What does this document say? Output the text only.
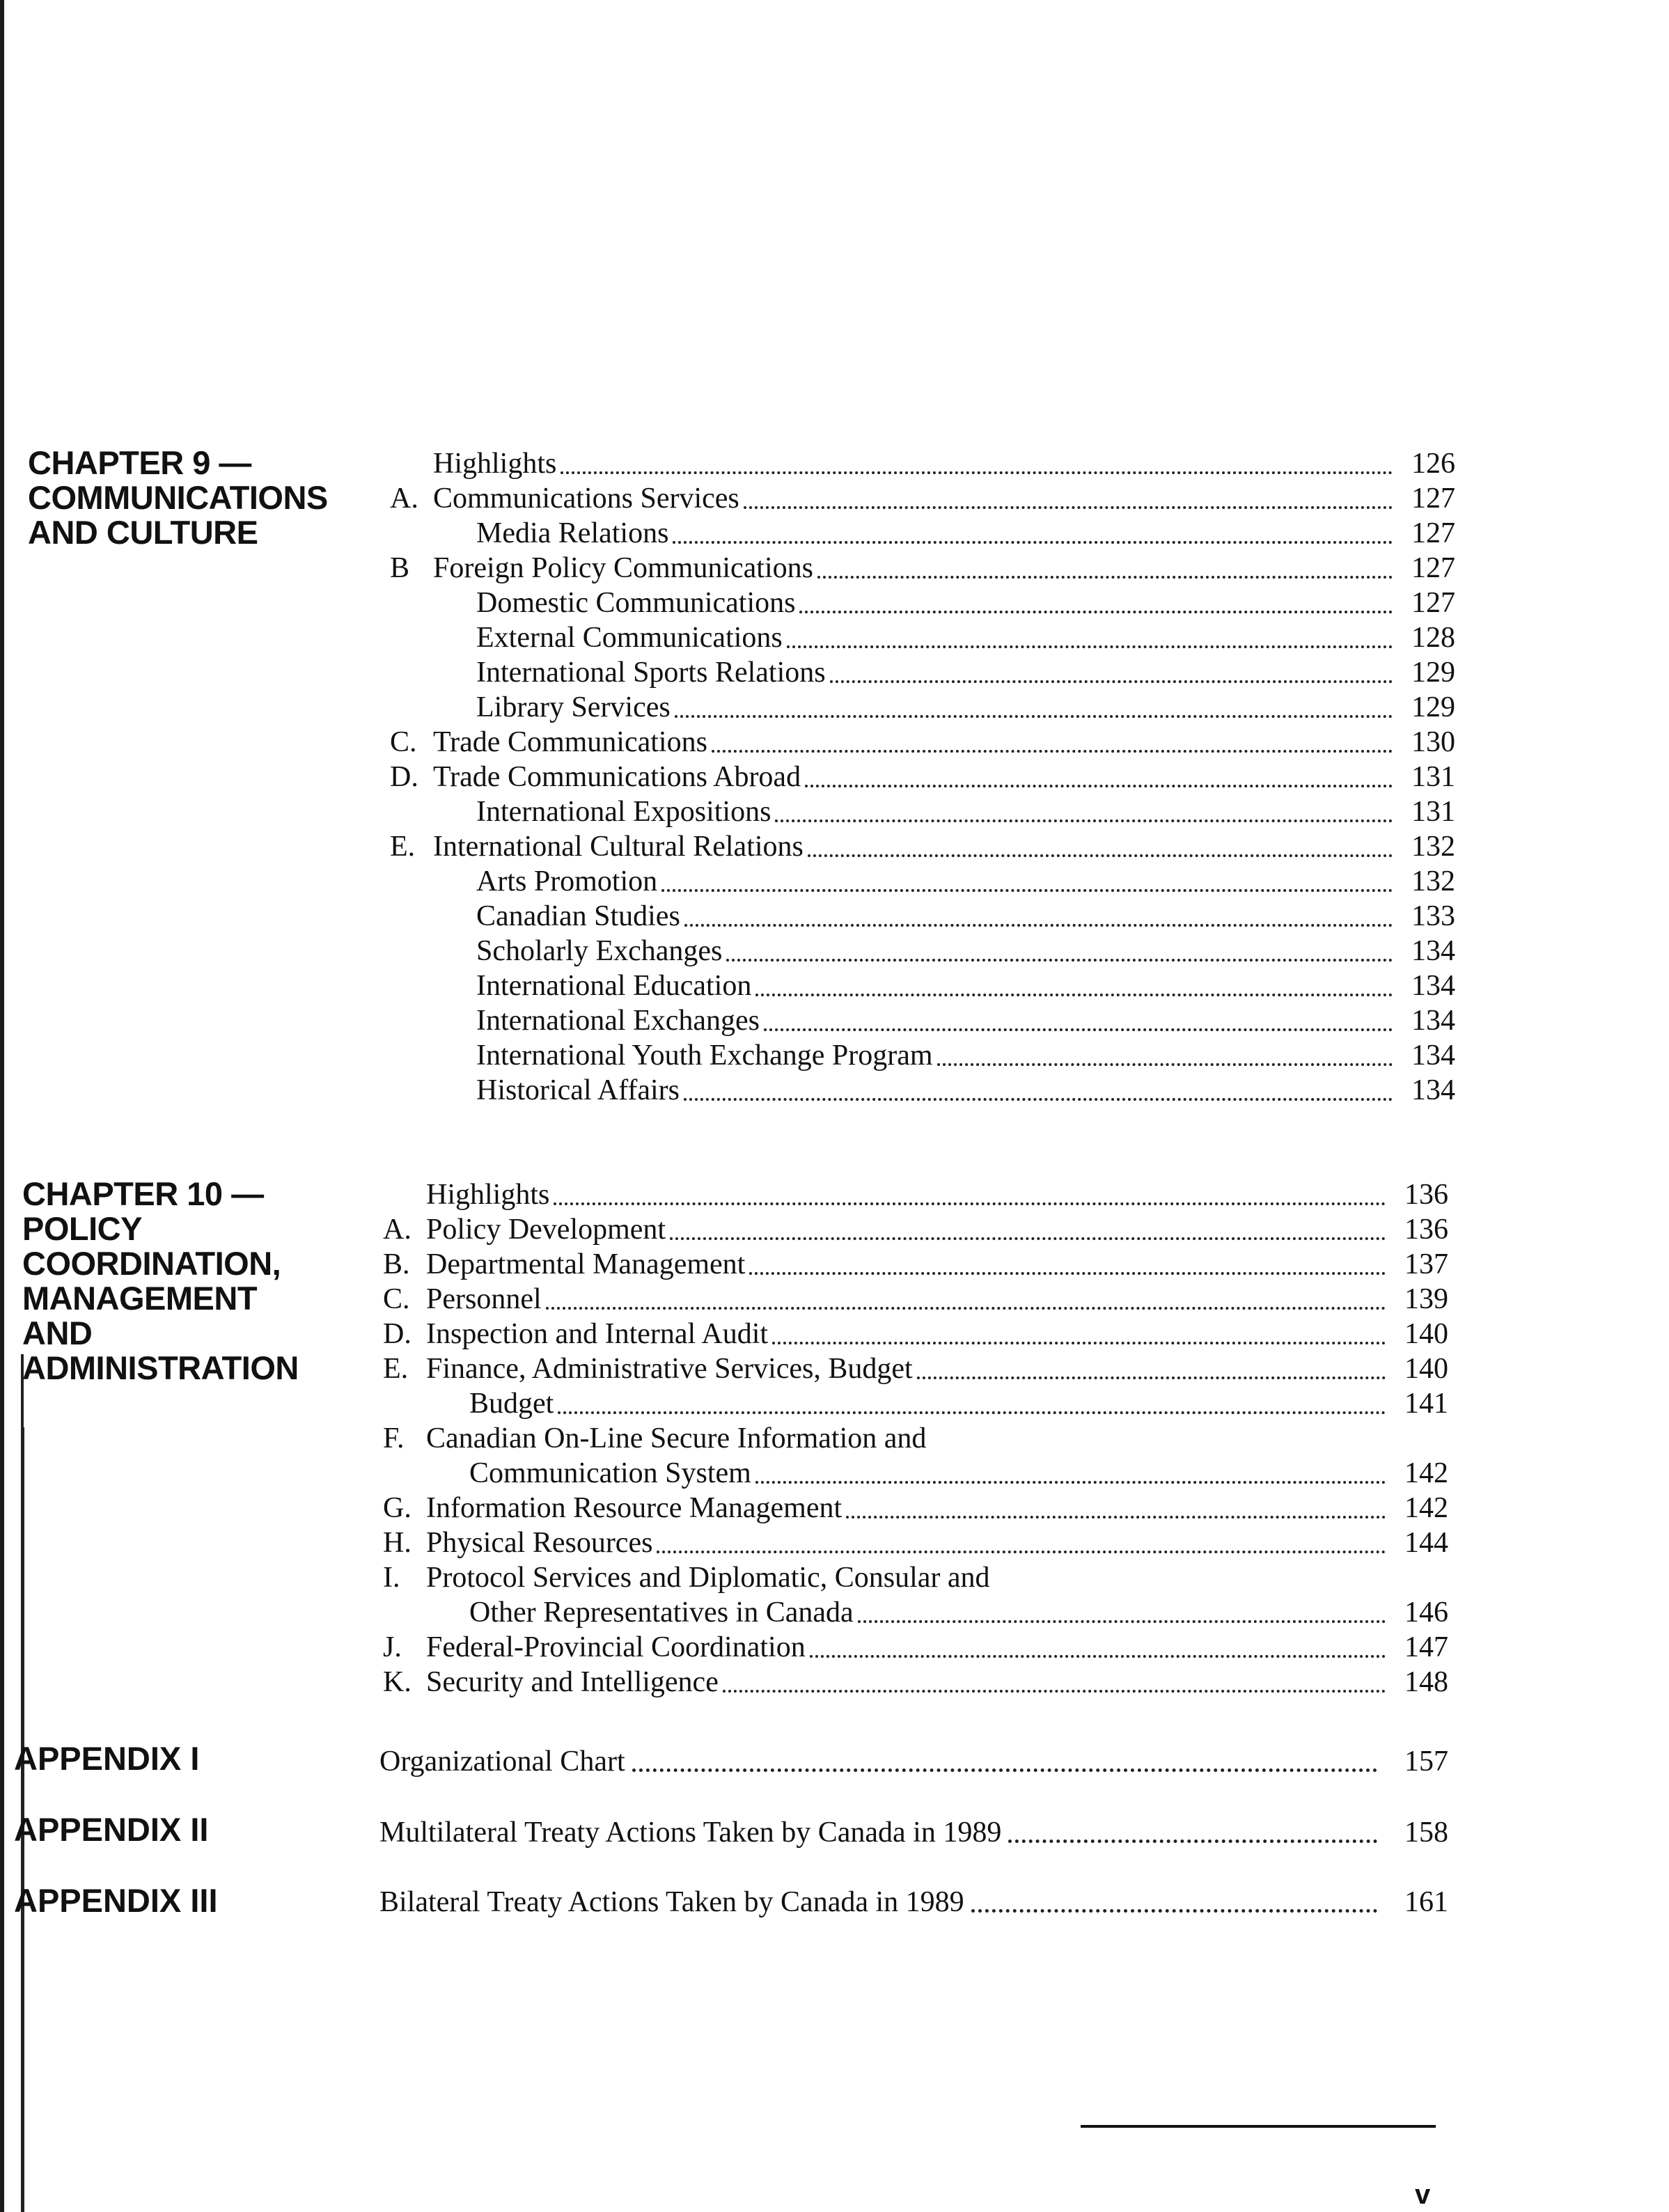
CHAPTER 9 —
COMMUNICATIONS
AND CULTURE
Highlights	126
A. Communications Services	127
Media Relations	127
B Foreign Policy Communications	127
Domestic Communications	127
External Communications	128
International Sports Relations	129
Library Services	129
C. Trade Communications	130
D. Trade Communications Abroad	131
International Expositions	131
E. International Cultural Relations	132
Arts Promotion	132
Canadian Studies	133
Scholarly Exchanges	134
International Education	134
International Exchanges	134
International Youth Exchange Program	134
Historical Affairs	134
CHAPTER 10 —
POLICY
COORDINATION,
MANAGEMENT
AND
ADMINISTRATION
Highlights	136
A. Policy Development	136
B. Departmental Management	137
C. Personnel	139
D. Inspection and Internal Audit	140
E. Finance, Administrative Services, Budget	140
Budget	141
F. Canadian On-Line Secure Information and
Communication System	142
G. Information Resource Management	142
H. Physical Resources	144
I. Protocol Services and Diplomatic, Consular and
Other Representatives in Canada	146
J. Federal-Provincial Coordination	147
K. Security and Intelligence	148
APPENDIX I	Organizational Chart	157
APPENDIX II	Multilateral Treaty Actions Taken by Canada in 1989	158
APPENDIX III	Bilateral Treaty Actions Taken by Canada in 1989	161
v
